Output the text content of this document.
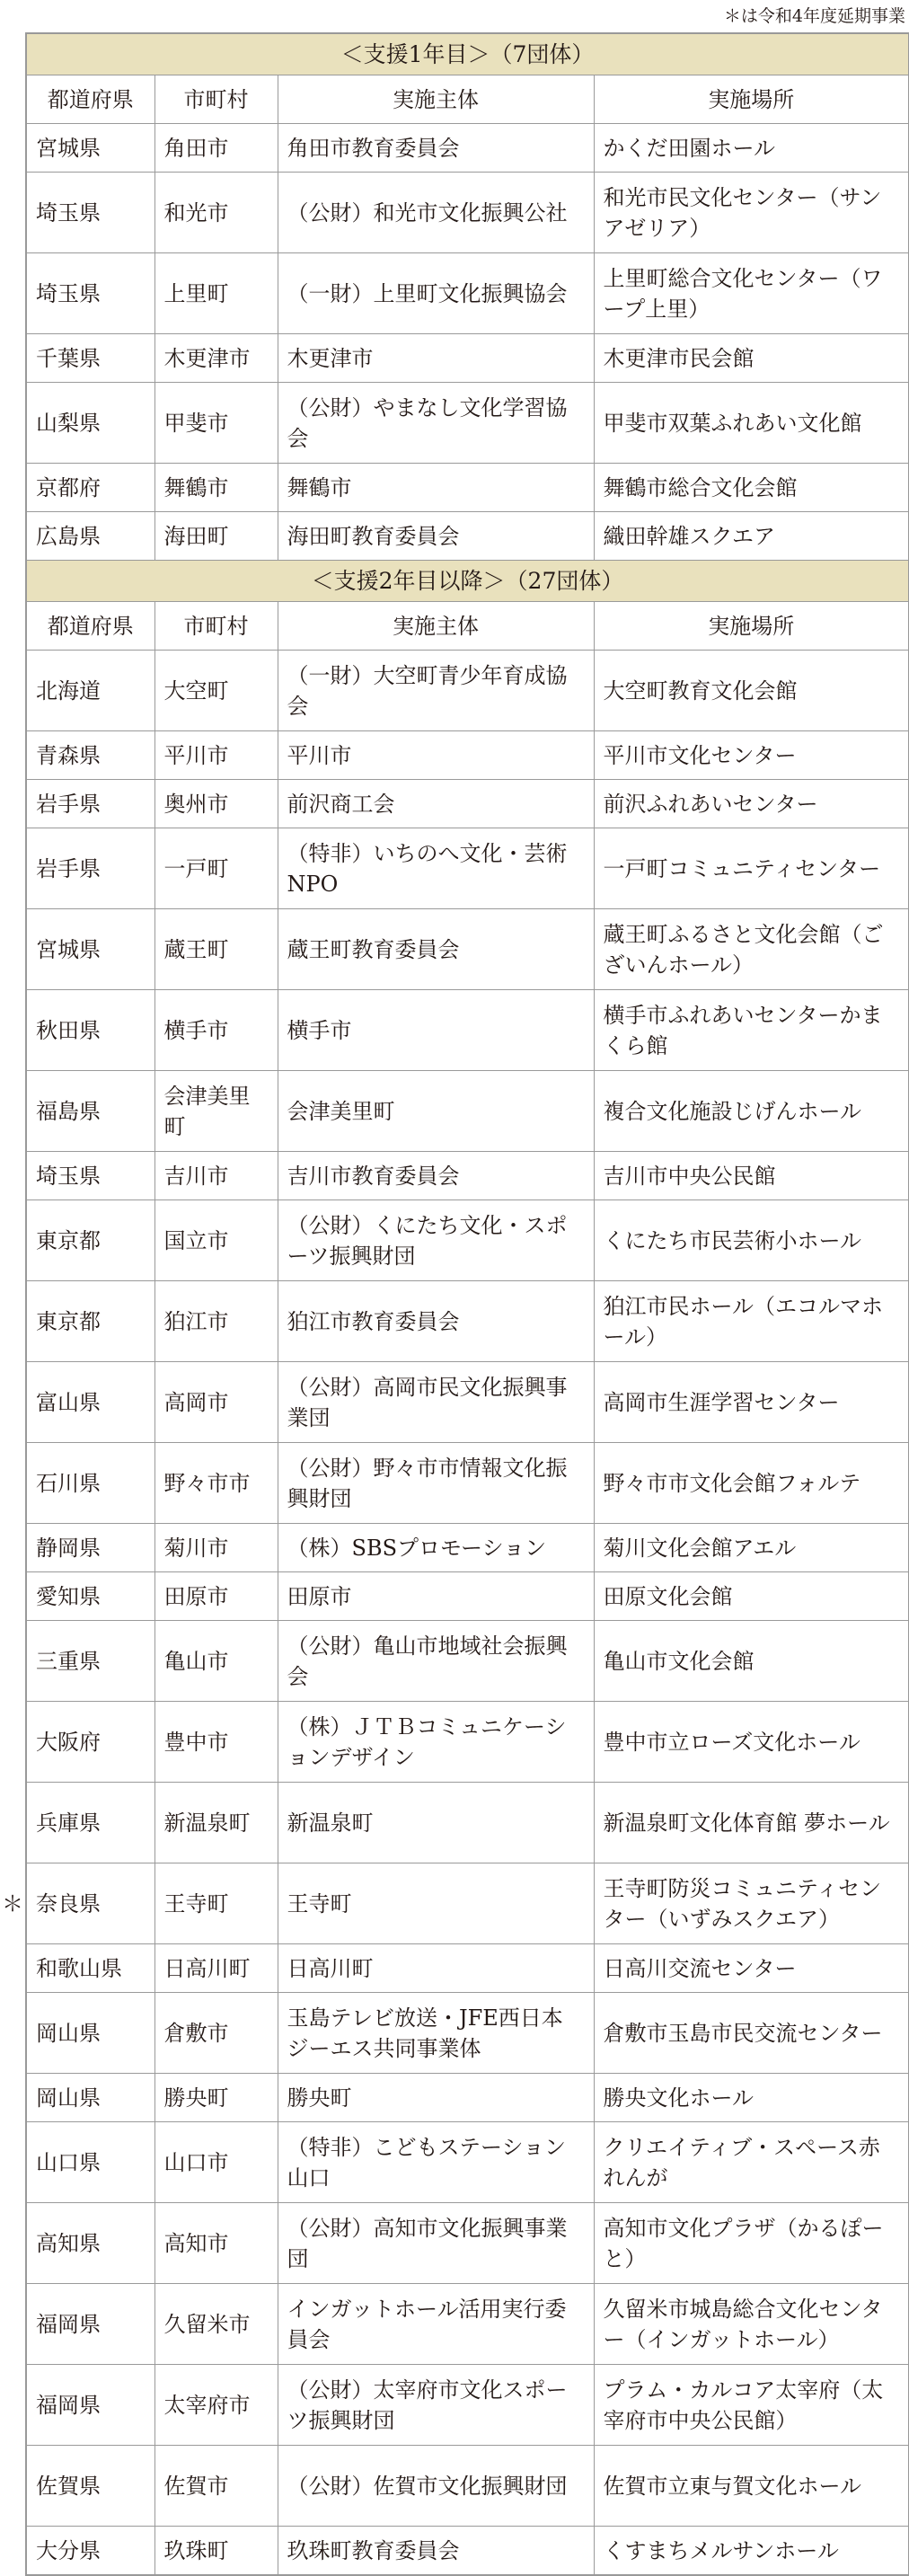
＊は令和4年度延期事業
＜支援1年目＞（7団体）			
都道府県	市町村	実施主体	実施場所
宮城県	角田市	角田市教育委員会	かくだ田園ホール
埼玉県	和光市	（公財）和光市文化振興公社	和光市民文化センター（サンアゼリア）
埼玉県	上里町	（一財）上里町文化振興協会	上里町総合文化センター（ワープ上里）
千葉県	木更津市	木更津市	木更津市民会館
山梨県	甲斐市	（公財）やまなし文化学習協会	甲斐市双葉ふれあい文化館
京都府	舞鶴市	舞鶴市	舞鶴市総合文化会館
広島県	海田町	海田町教育委員会	織田幹雄スクエア
＜支援2年目以降＞（27団体）			
都道府県	市町村	実施主体	実施場所
北海道	大空町	（一財）大空町青少年育成協会	大空町教育文化会館
青森県	平川市	平川市	平川市文化センター
岩手県	奥州市	前沢商工会	前沢ふれあいセンター
岩手県	一戸町	（特非）いちのへ文化・芸術NPO	一戸町コミュニティセンター
宮城県	蔵王町	蔵王町教育委員会	蔵王町ふるさと文化会館（ございんホール）
秋田県	横手市	横手市	横手市ふれあいセンターかまくら館
福島県	会津美里町	会津美里町	複合文化施設じげんホール
埼玉県	吉川市	吉川市教育委員会	吉川市中央公民館
東京都	国立市	（公財）くにたち文化・スポーツ振興財団	くにたち市民芸術小ホール
東京都	狛江市	狛江市教育委員会	狛江市民ホール（エコルマホール）
富山県	高岡市	（公財）高岡市民文化振興事業団	高岡市生涯学習センター
石川県	野々市市	（公財）野々市市情報文化振興財団	野々市市文化会館フォルテ
静岡県	菊川市	（株）SBSプロモーション	菊川文化会館アエル
愛知県	田原市	田原市	田原文化会館
三重県	亀山市	（公財）亀山市地域社会振興会	亀山市文化会館
大阪府	豊中市	（株）ＪＴＢコミュニケーションデザイン	豊中市立ローズ文化ホール
兵庫県	新温泉町	新温泉町	新温泉町文化体育館 夢ホール
奈良県	王寺町	王寺町	王寺町防災コミュニティセンター（いずみスクエア）
和歌山県	日高川町	日高川町	日高川交流センター
岡山県	倉敷市	玉島テレビ放送・JFE西日本ジーエス共同事業体	倉敷市玉島市民交流センター
岡山県	勝央町	勝央町	勝央文化ホール
山口県	山口市	（特非）こどもステーション山口	クリエイティブ・スペース赤れんが
高知県	高知市	（公財）高知市文化振興事業団	高知市文化プラザ（かるぽーと）
福岡県	久留米市	インガットホール活用実行委員会	久留米市城島総合文化センター（インガットホール）
福岡県	太宰府市	（公財）太宰府市文化スポーツ振興財団	プラム・カルコア太宰府（太宰府市中央公民館）
佐賀県	佐賀市	（公財）佐賀市文化振興財団	佐賀市立東与賀文化ホール
大分県	玖珠町	玖珠町教育委員会	くすまちメルサンホール
＊
